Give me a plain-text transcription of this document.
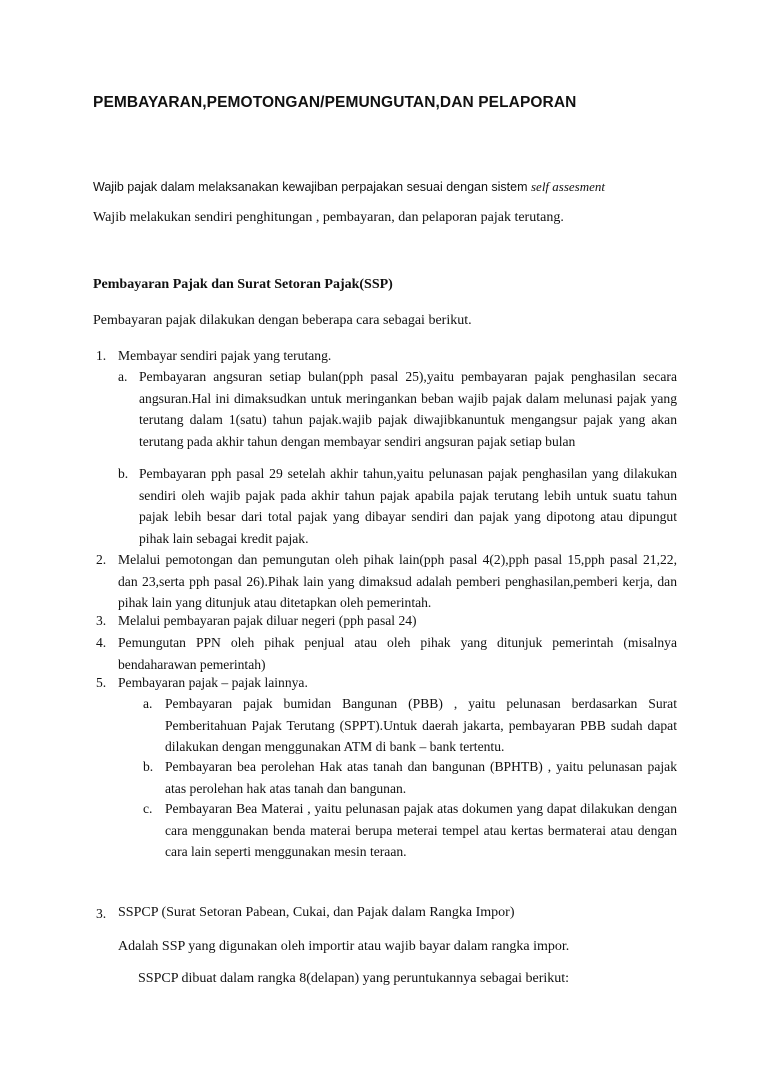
PEMBAYARAN,PEMOTONGAN/PEMUNGUTAN,DAN PELAPORAN
Wajib pajak dalam melaksanakan kewajiban perpajakan sesuai dengan sistem self assesment
Wajib melakukan sendiri penghitungan , pembayaran, dan pelaporan pajak terutang.
Pembayaran Pajak dan Surat Setoran Pajak(SSP)
Pembayaran pajak dilakukan dengan beberapa cara sebagai berikut.
1. Membayar sendiri pajak yang terutang.
a. Pembayaran angsuran setiap bulan(pph pasal 25),yaitu pembayaran pajak penghasilan secara angsuran.Hal ini dimaksudkan untuk meringankan beban wajib pajak dalam melunasi pajak yang terutang dalam 1(satu) tahun pajak.wajib pajak diwajibkanuntuk mengangsur pajak yang akan terutang pada akhir tahun dengan membayar sendiri angsuran pajak setiap bulan
b. Pembayaran pph pasal 29 setelah akhir tahun,yaitu pelunasan pajak penghasilan yang dilakukan sendiri oleh wajib pajak pada akhir tahun pajak apabila pajak terutang lebih untuk suatu tahun pajak lebih besar dari total pajak yang dibayar sendiri dan pajak yang dipotong atau dipungut pihak lain sebagai kredit pajak.
2. Melalui pemotongan dan pemungutan oleh pihak lain(pph pasal 4(2),pph pasal 15,pph pasal 21,22, dan 23,serta pph pasal 26).Pihak lain yang dimaksud adalah pemberi penghasilan,pemberi kerja, dan pihak lain yang ditunjuk atau ditetapkan oleh pemerintah.
3. Melalui pembayaran pajak diluar negeri (pph pasal 24)
4. Pemungutan PPN oleh pihak penjual atau oleh pihak yang ditunjuk pemerintah (misalnya bendaharawan pemerintah)
5. Pembayaran pajak – pajak lainnya.
a. Pembayaran pajak bumidan Bangunan (PBB) , yaitu pelunasan berdasarkan Surat Pemberitahuan Pajak Terutang (SPPT).Untuk daerah jakarta, pembayaran PBB sudah dapat dilakukan dengan menggunakan ATM di bank – bank tertentu.
b. Pembayaran bea perolehan Hak atas tanah dan bangunan (BPHTB) , yaitu pelunasan pajak atas perolehan hak atas tanah dan bangunan.
c. Pembayaran Bea Materai , yaitu pelunasan pajak atas dokumen yang dapat dilakukan dengan cara menggunakan benda materai berupa meterai tempel atau kertas bermaterai atau dengan cara lain seperti menggunakan mesin teraan.
3. SSPCP (Surat Setoran Pabean, Cukai, dan Pajak dalam Rangka Impor)
Adalah SSP yang digunakan oleh importir atau wajib bayar dalam rangka impor.
SSPCP dibuat dalam rangka 8(delapan) yang peruntukannya sebagai berikut:
